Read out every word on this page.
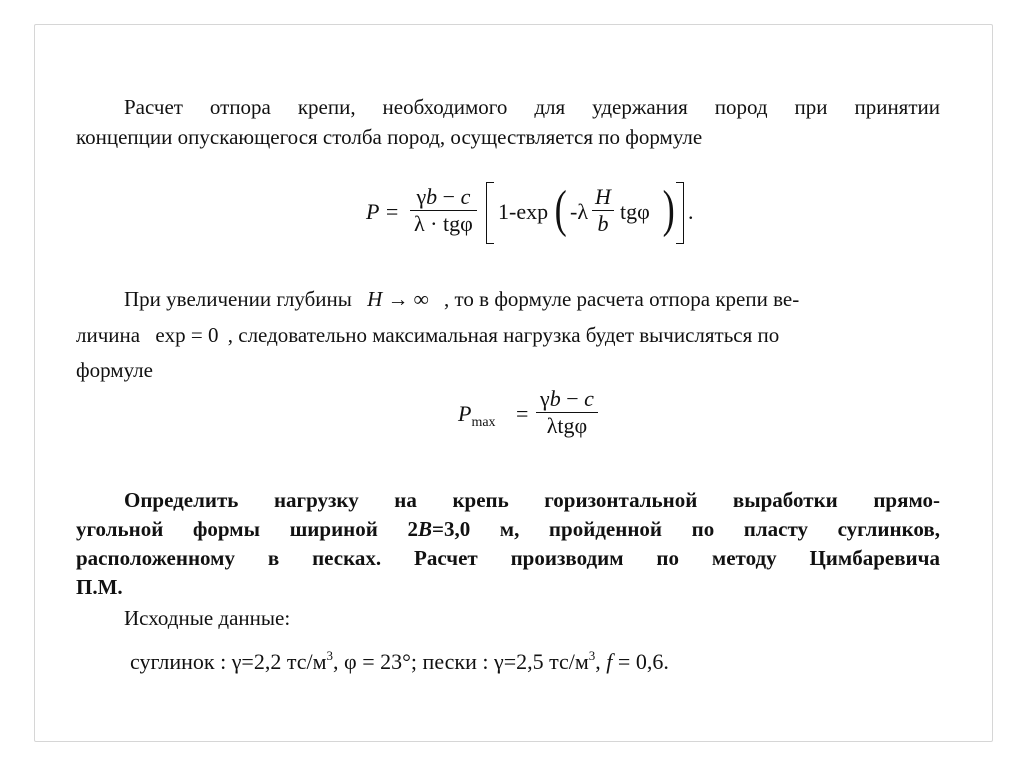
Расчет отпора крепи, необходимого для удержания пород при принятии
концепции опускающегося столба пород, осуществляется по формуле
P =
γb − c
λ · tgφ 1-exp ( $-\lambda \frac{H}{b}$ tgφ ) .
При увеличении глубины H → ∞ , то в формуле расчета отпора крепи ве-
личина exp = 0 , следовательно максимальная нагрузка будет вычисляться по
формуле
$P_{max}$ =
γb − c
λtgφ
Определить нагрузку на крепь горизонтальной выработки прямо-
угольной формы шириной 2B=3,0 м, пройденной по пласту суглинков,
расположенному в песках. Расчет производим по методу Цимбаревича
П.М.
Исходные данные:
суглинок : γ=2,2 $тс/м^3$, φ = 23°; пески : γ=2,5 $тс/м^3$, f = 0,6.
